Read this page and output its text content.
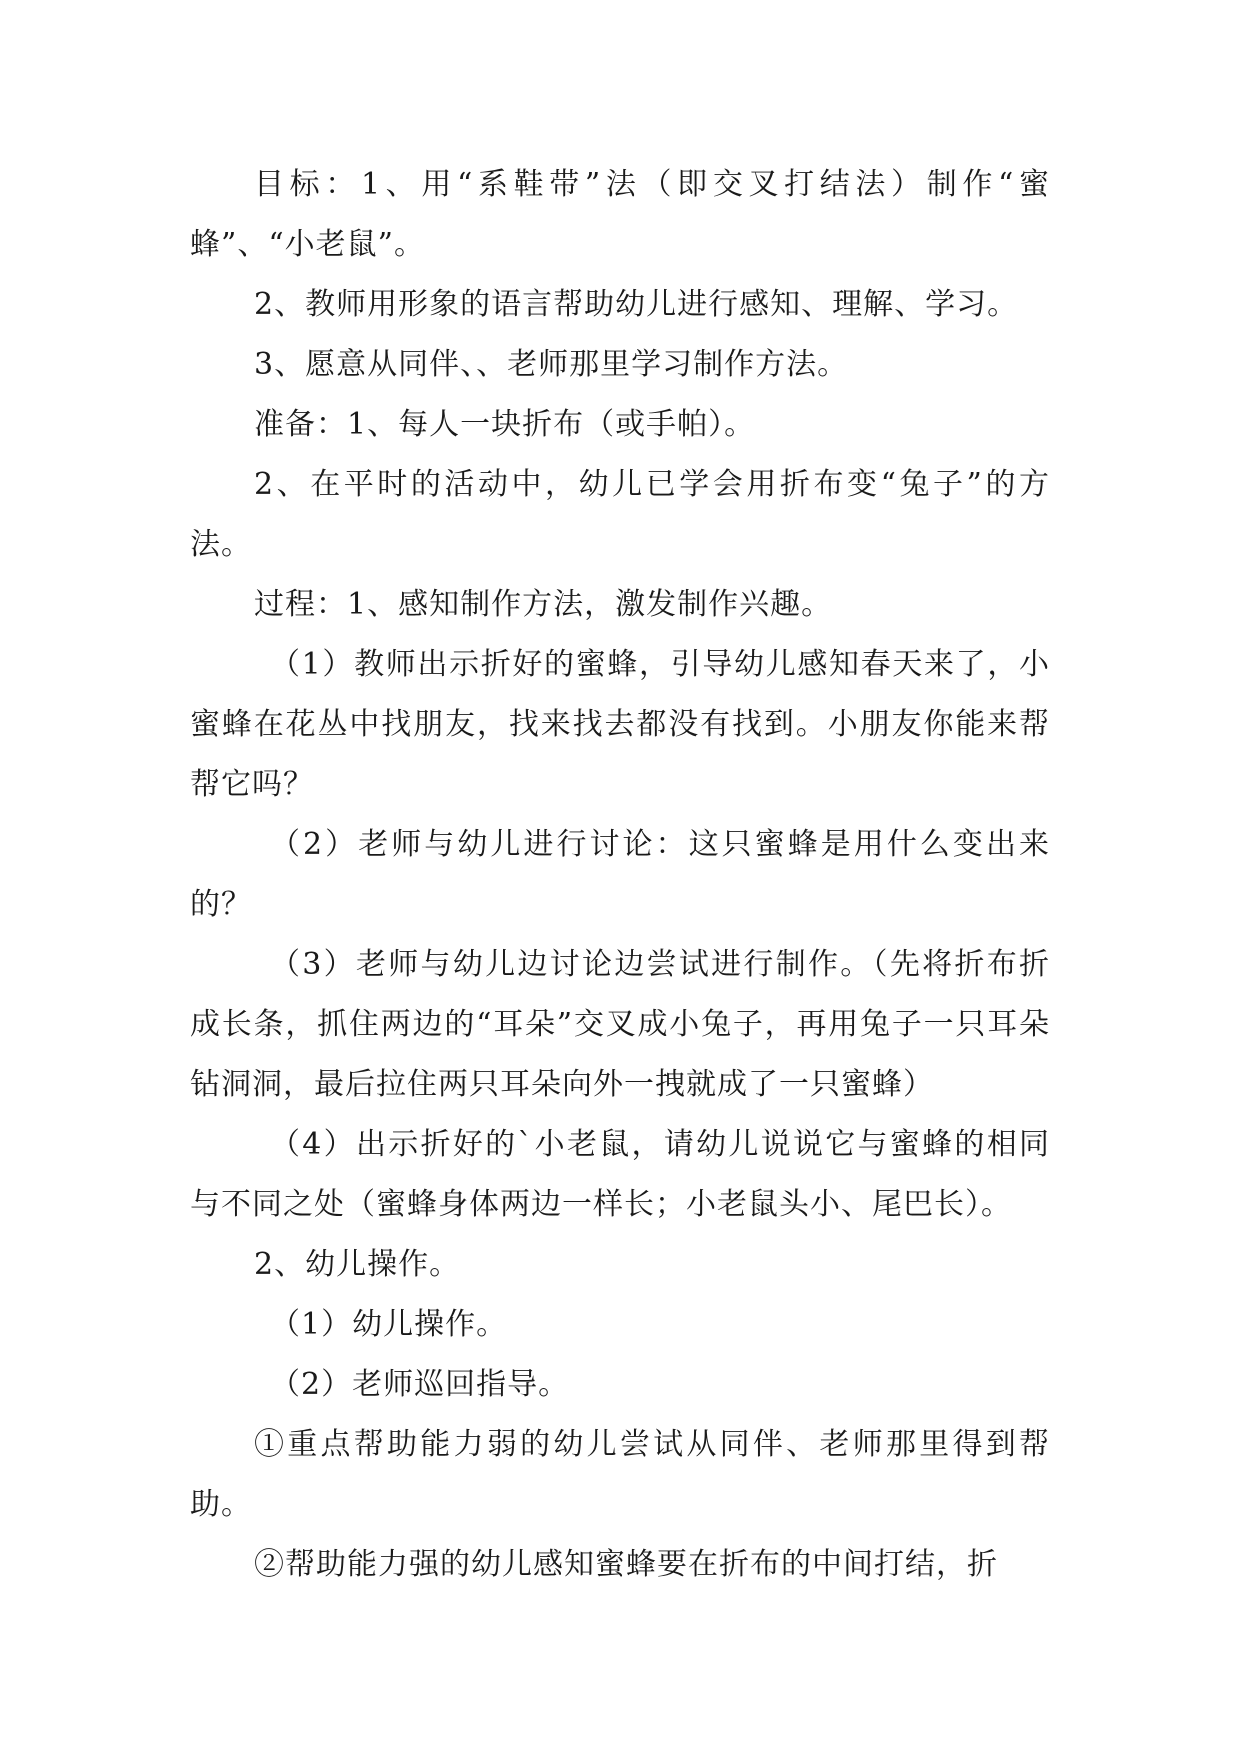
目标：1、用“系鞋带”法（即交叉打结法）制作“蜜蜂”、“小老鼠”。

2、教师用形象的语言帮助幼儿进行感知、理解、学习。

3、愿意从同伴、、老师那里学习制作方法。

准备：1、每人一块折布（或手帕）。

2、在平时的活动中，幼儿已学会用折布变“兔子”的方法。

过程：1、感知制作方法，激发制作兴趣。

（1）教师出示折好的蜜蜂，引导幼儿感知春天来了，小蜜蜂在花丛中找朋友，找来找去都没有找到。小朋友你能来帮帮它吗？

（2）老师与幼儿进行讨论：这只蜜蜂是用什么变出来的？

（3）老师与幼儿边讨论边尝试进行制作。（先将折布折成长条，抓住两边的“耳朵”交叉成小兔子，再用兔子一只耳朵钻洞洞，最后拉住两只耳朵向外一拽就成了一只蜜蜂）

（4）出示折好的`小老鼠，请幼儿说说它与蜜蜂的相同与不同之处（蜜蜂身体两边一样长；小老鼠头小、尾巴长）。

2、幼儿操作。

（1）幼儿操作。

（2）老师巡回指导。

①重点帮助能力弱的幼儿尝试从同伴、老师那里得到帮助。

②帮助能力强的幼儿感知蜜蜂要在折布的中间打结，折
